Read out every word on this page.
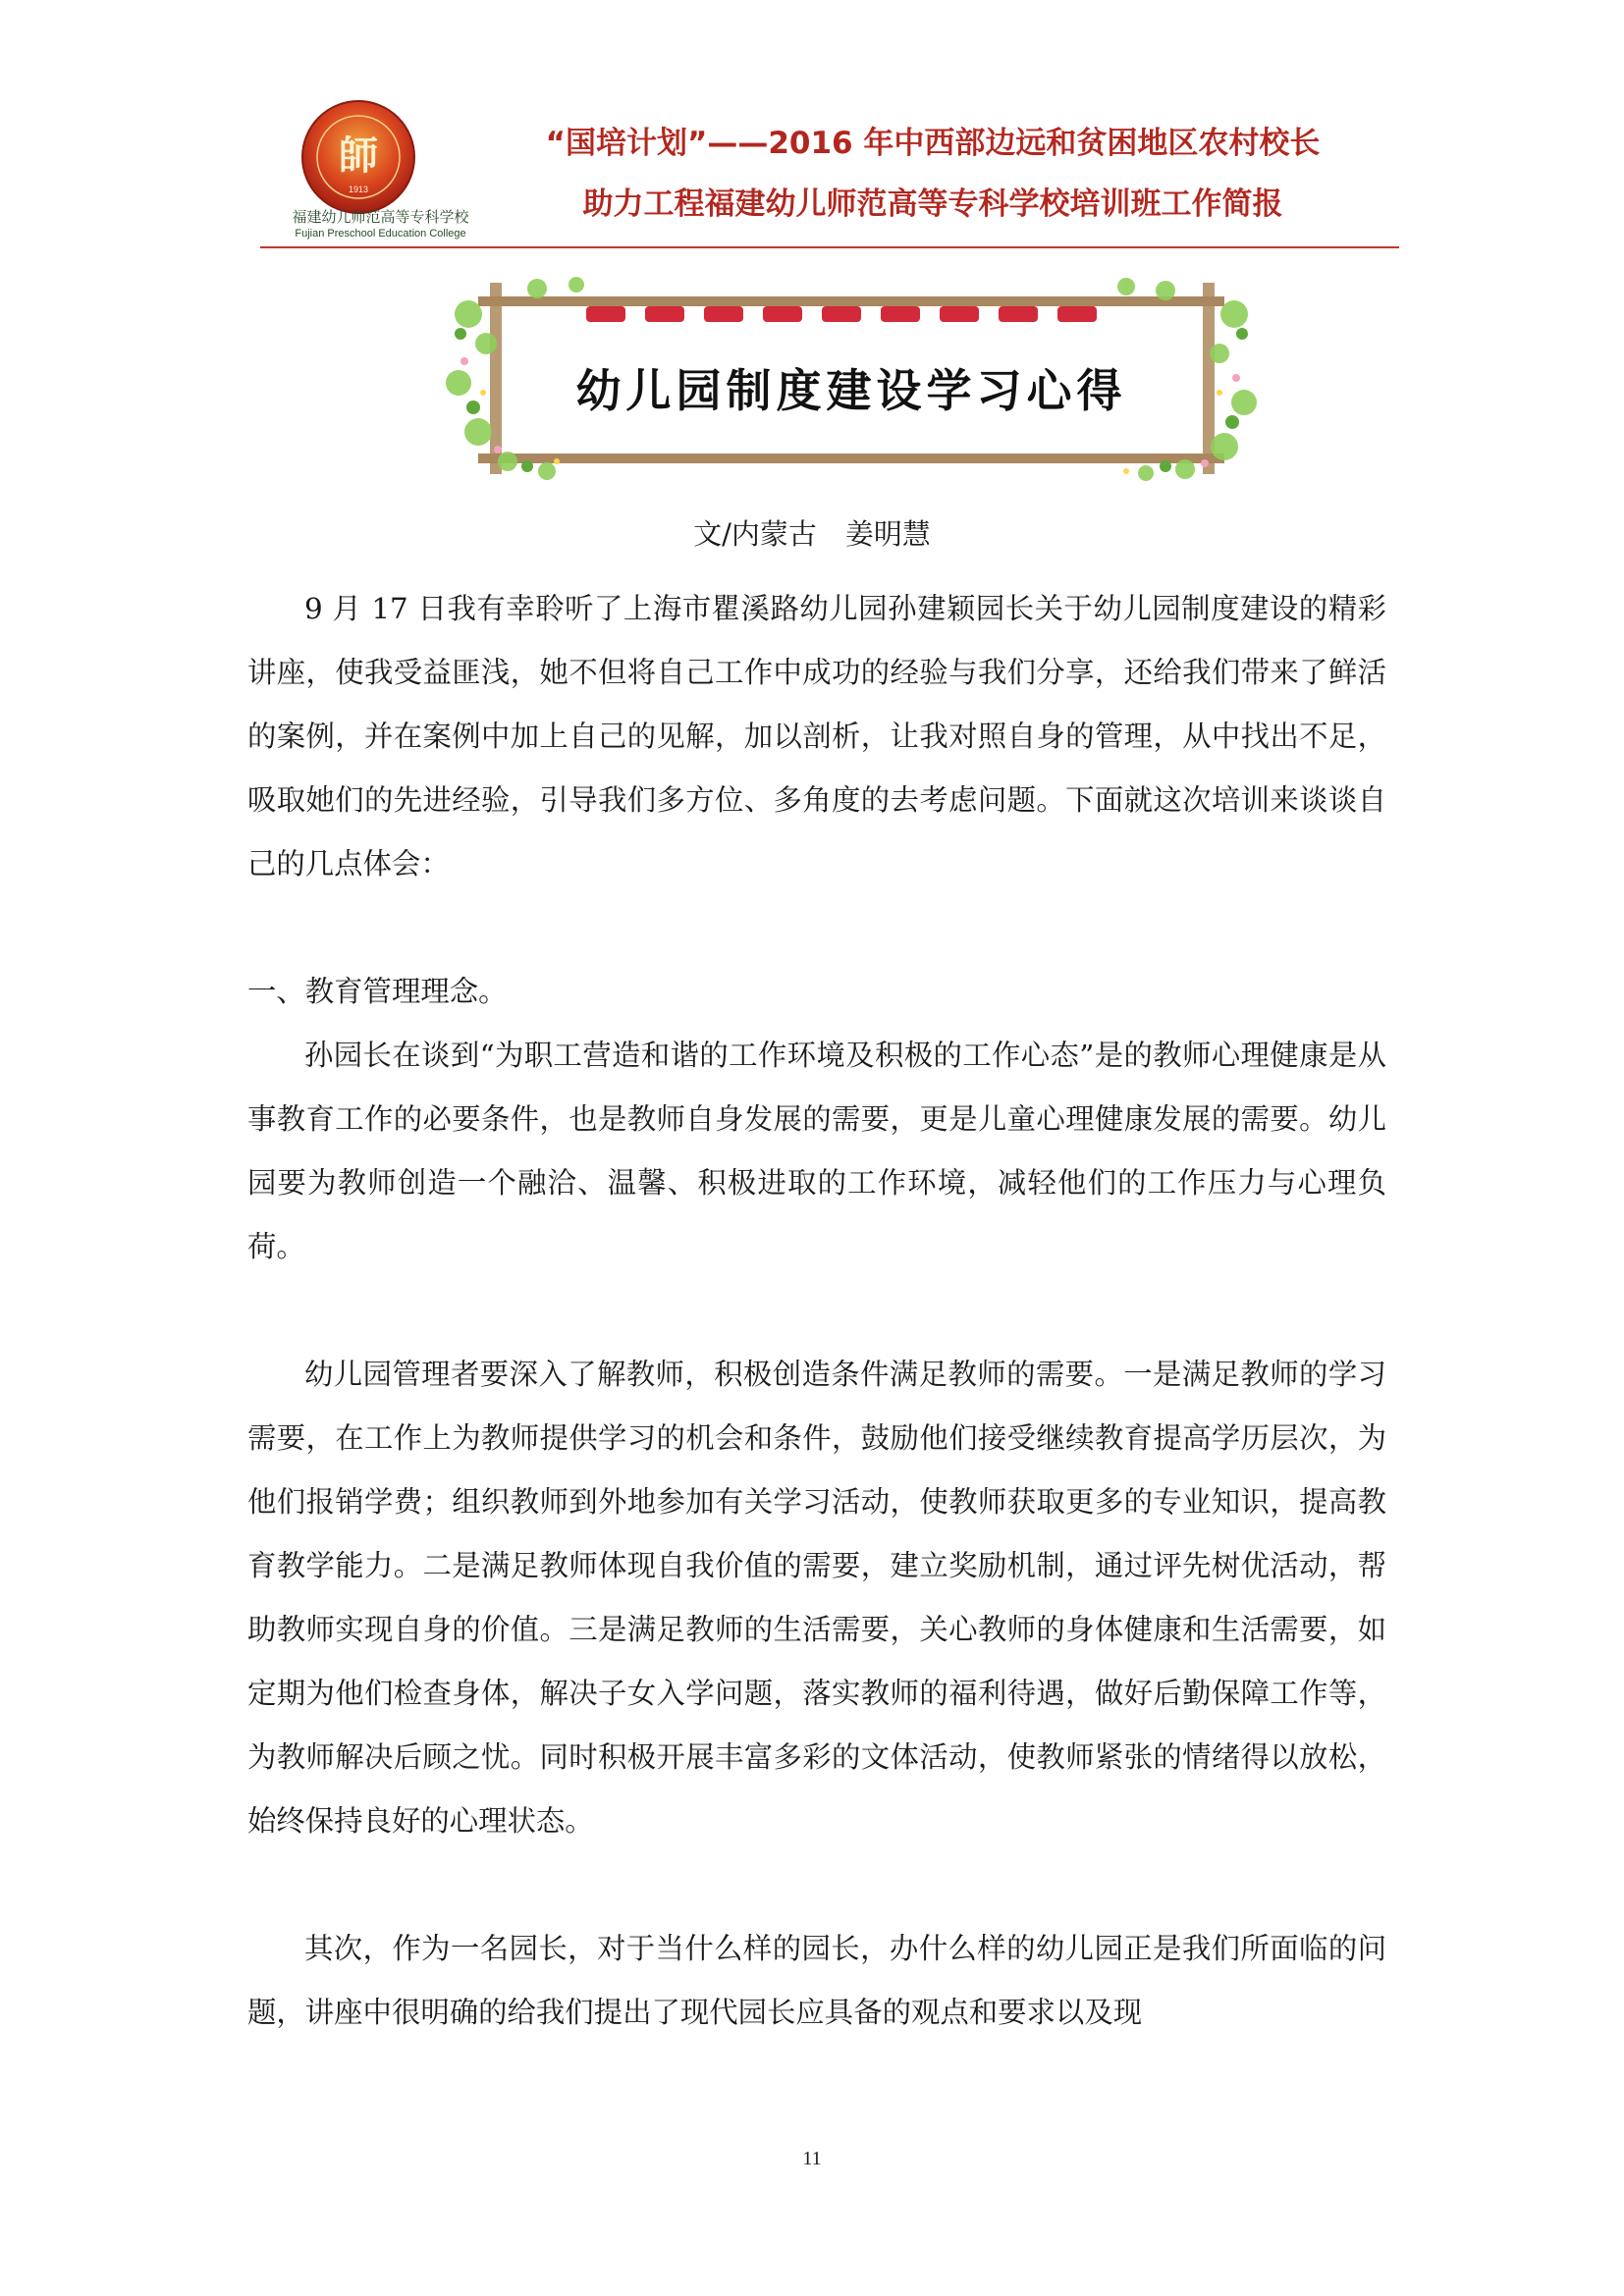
師
1913
福建幼儿师范高等专科学校
Fujian Preschool Education College
“国培计划”——2016 年中西部边远和贫困地区农村校长
助力工程福建幼儿师范高等专科学校培训班工作简报
幼儿园制度建设学习心得
文/内蒙古　姜明慧

9 月 17 日我有幸聆听了上海市瞿溪路幼儿园孙建颖园长关于幼儿园制度建设的精彩讲座，使我受益匪浅，她不但将自己工作中成功的经验与我们分享，还给我们带来了鲜活的案例，并在案例中加上自己的见解，加以剖析，让我对照自身的管理，从中找出不足，吸取她们的先进经验，引导我们多方位、多角度的去考虑问题。下面就这次培训来谈谈自己的几点体会：

一、教育管理理念。

孙园长在谈到“为职工营造和谐的工作环境及积极的工作心态”是的教师心理健康是从事教育工作的必要条件，也是教师自身发展的需要，更是儿童心理健康发展的需要。幼儿园要为教师创造一个融洽、温馨、积极进取的工作环境，减轻他们的工作压力与心理负荷。

幼儿园管理者要深入了解教师，积极创造条件满足教师的需要。一是满足教师的学习需要，在工作上为教师提供学习的机会和条件，鼓励他们接受继续教育提高学历层次，为他们报销学费；组织教师到外地参加有关学习活动，使教师获取更多的专业知识，提高教育教学能力。二是满足教师体现自我价值的需要，建立奖励机制，通过评先树优活动，帮助教师实现自身的价值。三是满足教师的生活需要，关心教师的身体健康和生活需要，如定期为他们检查身体，解决子女入学问题，落实教师的福利待遇，做好后勤保障工作等，为教师解决后顾之忧。同时积极开展丰富多彩的文体活动，使教师紧张的情绪得以放松，始终保持良好的心理状态。

其次，作为一名园长，对于当什么样的园长，办什么样的幼儿园正是我们所面临的问题，讲座中很明确的给我们提出了现代园长应具备的观点和要求以及现

11
